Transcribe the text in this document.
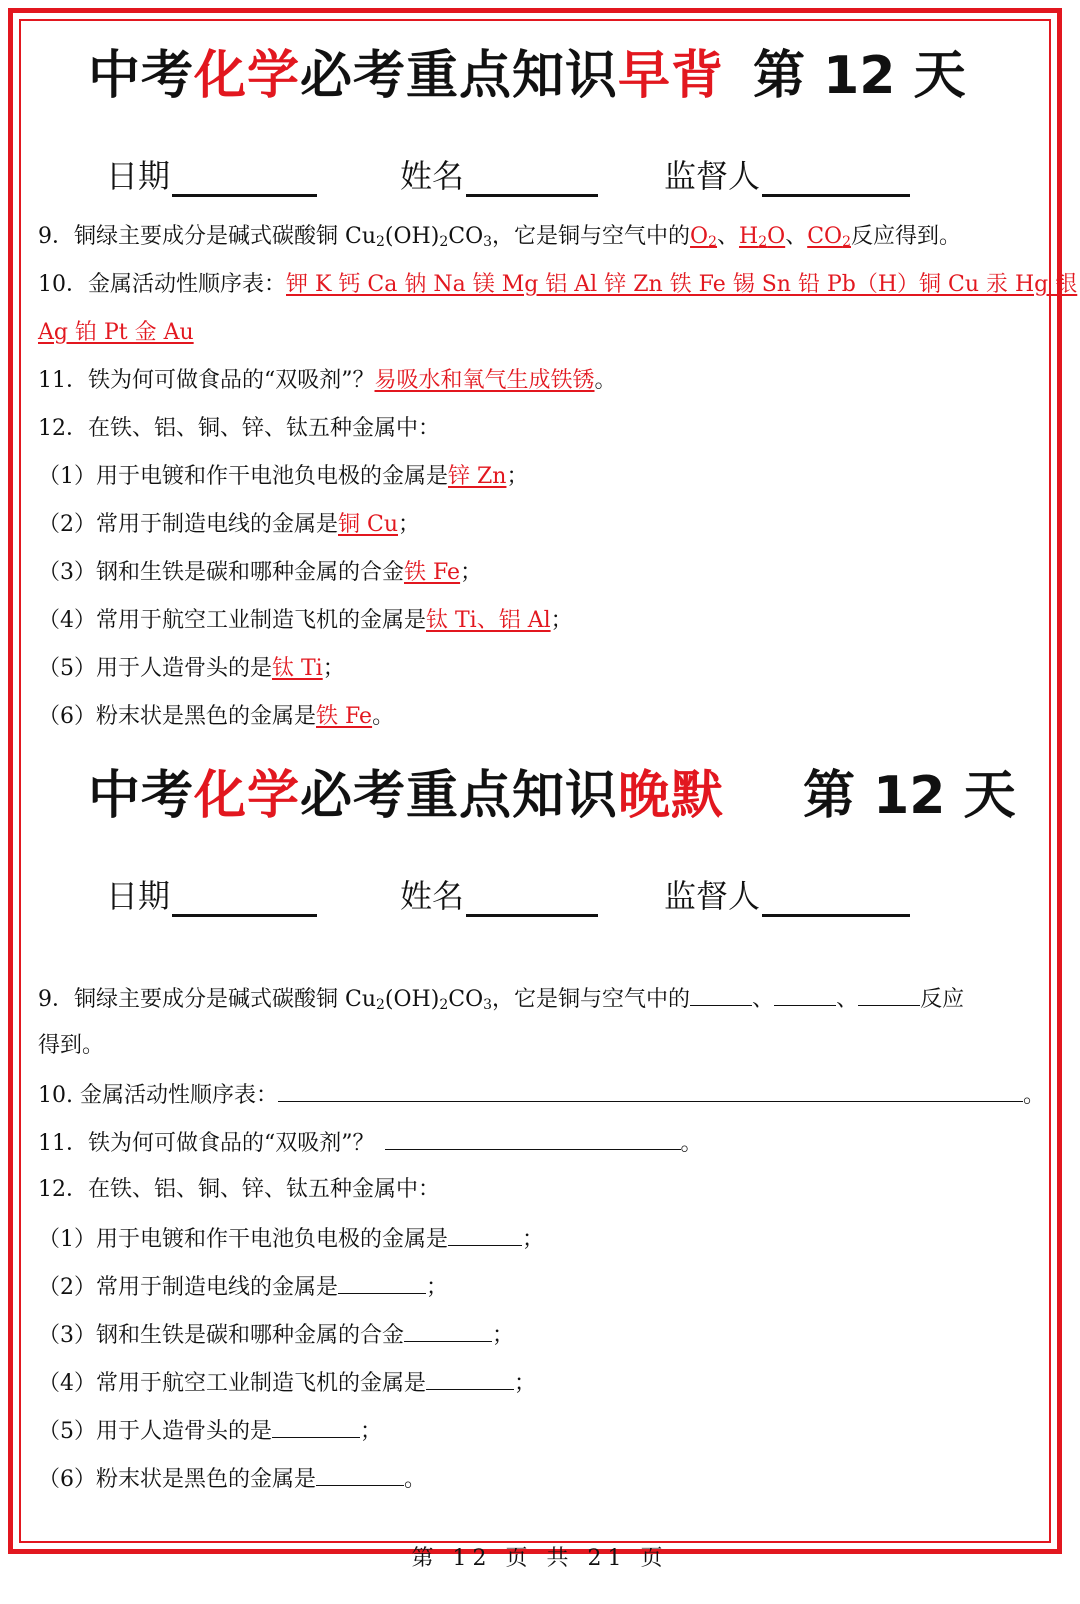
中考化学必考重点知识早背 第 12 天
日期	姓名	监督人
9．铜绿主要成分是碱式碳酸铜 $Cu_2(OH)_2CO_3$，它是铜与空气中的$O_2$、$H_2O$、$CO_2$反应得到。
10．金属活动性顺序表：钾 K 钙 Ca 钠 Na 镁 Mg 铝 Al 锌 Zn 铁 Fe 锡 Sn 铅 Pb（H）铜 Cu 汞 Hg 银
Ag 铂 Pt 金 Au
11．铁为何可做食品的“双吸剂”？易吸水和氧气生成铁锈。
12．在铁、铝、铜、锌、钛五种金属中：
（1）用于电镀和作干电池负电极的金属是锌 Zn；
（2）常用于制造电线的金属是铜 Cu；
（3）钢和生铁是碳和哪种金属的合金铁 Fe；
（4）常用于航空工业制造飞机的金属是钛 Ti、铝 Al；
（5）用于人造骨头的是钛 Ti；
（6）粉末状是黑色的金属是铁 Fe。
中考化学必考重点知识晚默 第 12 天
日期	姓名	监督人
9．铜绿主要成分是碱式碳酸铜 $Cu_2(OH)_2CO_3$，它是铜与空气中的	、	、	反应
得到。
10. 金属活动性顺序表：	。
11．铁为何可做食品的“双吸剂”？	。
12．在铁、铝、铜、锌、钛五种金属中：
（1）用于电镀和作干电池负电极的金属是	；
（2）常用于制造电线的金属是	；
（3）钢和生铁是碳和哪种金属的合金	；
（4）常用于航空工业制造飞机的金属是	；
（5）用于人造骨头的是	；
（6）粉末状是黑色的金属是	。
第 12 页 共 21 页
